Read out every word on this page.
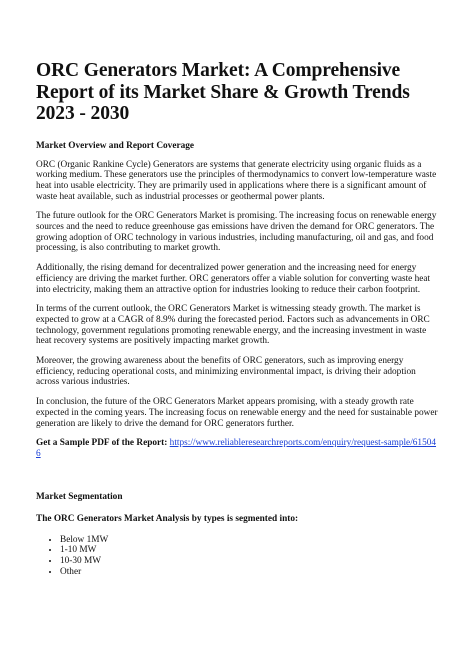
ORC Generators Market: A Comprehensive Report of its Market Share & Growth Trends 2023 - 2030
Market Overview and Report Coverage

ORC (Organic Rankine Cycle) Generators are systems that generate electricity using organic fluids as a working medium. These generators use the principles of thermodynamics to convert low-temperature waste heat into usable electricity. They are primarily used in applications where there is a significant amount of waste heat available, such as industrial processes or geothermal power plants.

The future outlook for the ORC Generators Market is promising. The increasing focus on renewable energy sources and the need to reduce greenhouse gas emissions have driven the demand for ORC generators. The growing adoption of ORC technology in various industries, including manufacturing, oil and gas, and food processing, is also contributing to market growth.

Additionally, the rising demand for decentralized power generation and the increasing need for energy efficiency are driving the market further. ORC generators offer a viable solution for converting waste heat into electricity, making them an attractive option for industries looking to reduce their carbon footprint.

In terms of the current outlook, the ORC Generators Market is witnessing steady growth. The market is expected to grow at a CAGR of 8.9% during the forecasted period. Factors such as advancements in ORC technology, government regulations promoting renewable energy, and the increasing investment in waste heat recovery systems are positively impacting market growth.

Moreover, the growing awareness about the benefits of ORC generators, such as improving energy efficiency, reducing operational costs, and minimizing environmental impact, is driving their adoption across various industries.

In conclusion, the future of the ORC Generators Market appears promising, with a steady growth rate expected in the coming years. The increasing focus on renewable energy and the need for sustainable power generation are likely to drive the demand for ORC generators further.

Get a Sample PDF of the Report: https://www.reliableresearchreports.com/enquiry/request-sample/615046
Market Segmentation
The ORC Generators Market Analysis by types is segmented into:
• Below 1MW
• 1-10 MW
• 10-30 MW
• Other
